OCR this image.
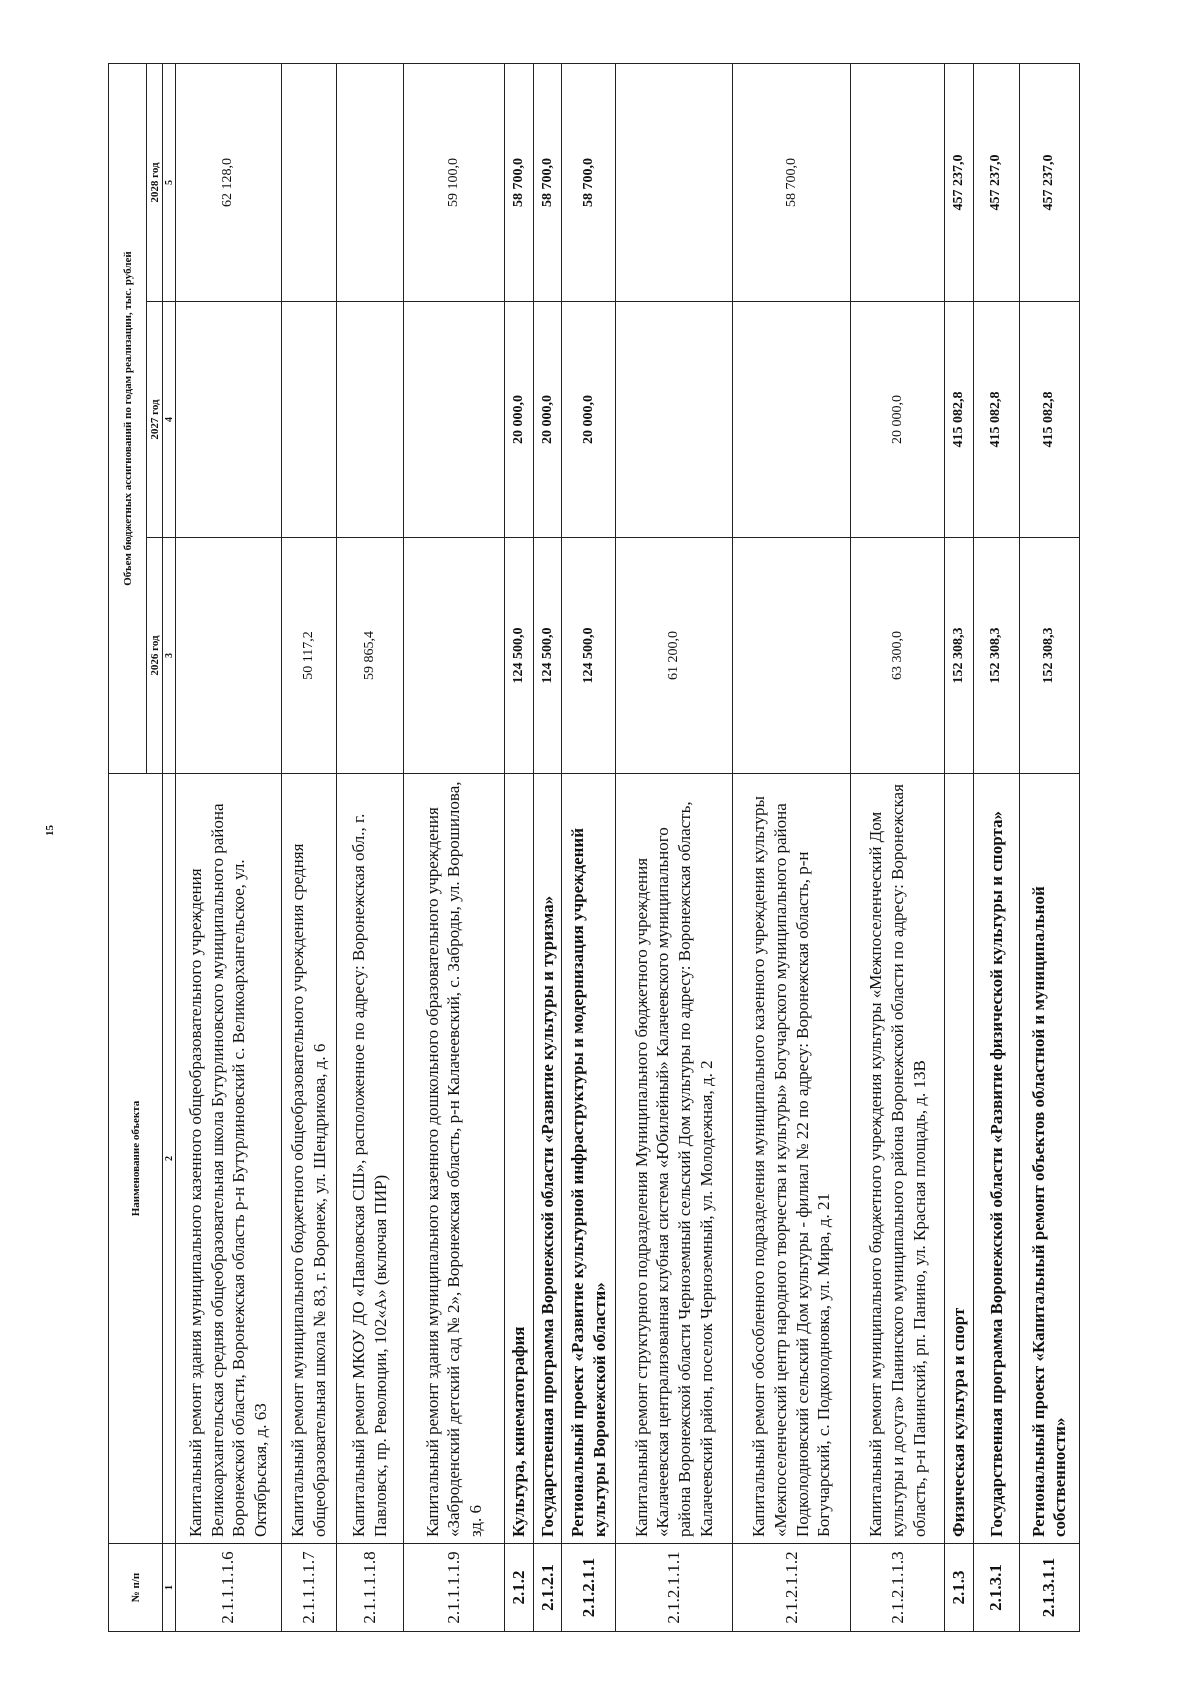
15
№ п/п	Наименование объекта	Объем бюджетных ассигнований по годам реализации, тыс. рублей		
		2026 год	2027 год	2028 год
1	2	3	4	5
2.1.1.1.1.6	Капитальный ремонт здания муниципального казенного общеобразовательного учреждения Великоархангельская средняя общеобразовательная школа Бутурлиновского муниципального района Воронежской области, Воронежская область р-н Бутурлиновский с. Великоархангельское, ул. Октябрьская, д. 63			62 128,0
2.1.1.1.1.7	Капитальный ремонт муниципального бюджетного общеобразовательного учреждения средняя общеобразовательная школа № 83, г. Воронеж, ул. Шендрикова, д. 6	50 117,2		
2.1.1.1.1.8	Капитальный ремонт МКОУ ДО «Павловская СШ», расположенное по адресу: Воронежская обл., г. Павловск, пр. Революции, 102«А» (включая ПИР)	59 865,4		
2.1.1.1.1.9	Капитальный ремонт здания муниципального казенного дошкольного образовательного учреждения «Забродeнский детский сад № 2», Воронежская область, р-н Калачеевский, с. Заброды, ул. Ворошилова, зд. 6			59 100,0
2.1.2	Культура, кинематография	124 500,0	20 000,0	58 700,0
2.1.2.1	Государственная программа Воронежской области «Развитие культуры и туризма»	124 500,0	20 000,0	58 700,0
2.1.2.1.1	Региональный проект «Развитие культурной инфраструктуры и модернизация учреждений культуры Воронежской области»	124 500,0	20 000,0	58 700,0
2.1.2.1.1.1	Капитальный ремонт структурного подразделения Муниципального бюджетного учреждения «Калачеевская централизованная клубная система «Юбилейный» Калачеевского муниципального района Воронежской области Черноземный сельский Дом культуры по адресу: Воронежская область, Калачеевский район, поселок Черноземный, ул. Молодежная, д. 2	61 200,0		
2.1.2.1.1.2	Капитальный ремонт обособленного подразделения муниципального казенного учреждения культуры «Межпоселенческий центр народного творчества и культуры» Богучарского муниципального района Подколодновский сельский Дом культуры - филиал № 22 по адресу: Воронежская область, р-н Богучарский, с. Подколодновка, ул. Мира, д. 21			58 700,0
2.1.2.1.1.3	Капитальный ремонт муниципального бюджетного учреждения культуры «Межпоселенческий Дом культуры и досуга» Панинского муниципального района Воронежской области по адресу: Воронежская область, р-н Панинский, рп. Панино, ул. Красная площадь, д. 13В	63 300,0	20 000,0	
2.1.3	Физическая культура и спорт	152 308,3	415 082,8	457 237,0
2.1.3.1	Государственная программа Воронежской области «Развитие физической культуры и спорта»	152 308,3	415 082,8	457 237,0
2.1.3.1.1	Региональный проект «Капитальный ремонт объектов областной и муниципальной собственности»	152 308,3	415 082,8	457 237,0
